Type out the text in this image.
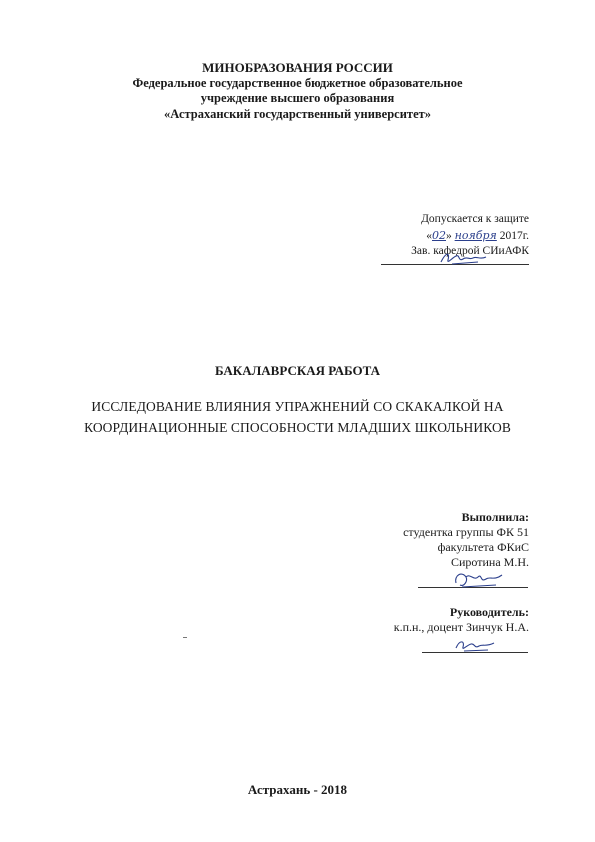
МИНОБРАЗОВАНИЯ РОССИИ
Федеральное государственное бюджетное образовательное
учреждение высшего образования
«Астраханский государственный университет»
Допускается к защите
«02» ноября 2017г.
Зав. кафедрой СИиАФК
БАКАЛАВРСКАЯ РАБОТА
ИССЛЕДОВАНИЕ ВЛИЯНИЯ УПРАЖНЕНИЙ СО СКАКАЛКОЙ НА
КООРДИНАЦИОННЫЕ СПОСОБНОСТИ МЛАДШИХ ШКОЛЬНИКОВ
Выполнила:
студентка группы ФК 51
факультета ФКиС
Сиротина М.Н.
Руководитель:
к.п.н., доцент Зинчук Н.А.
Астрахань - 2018
